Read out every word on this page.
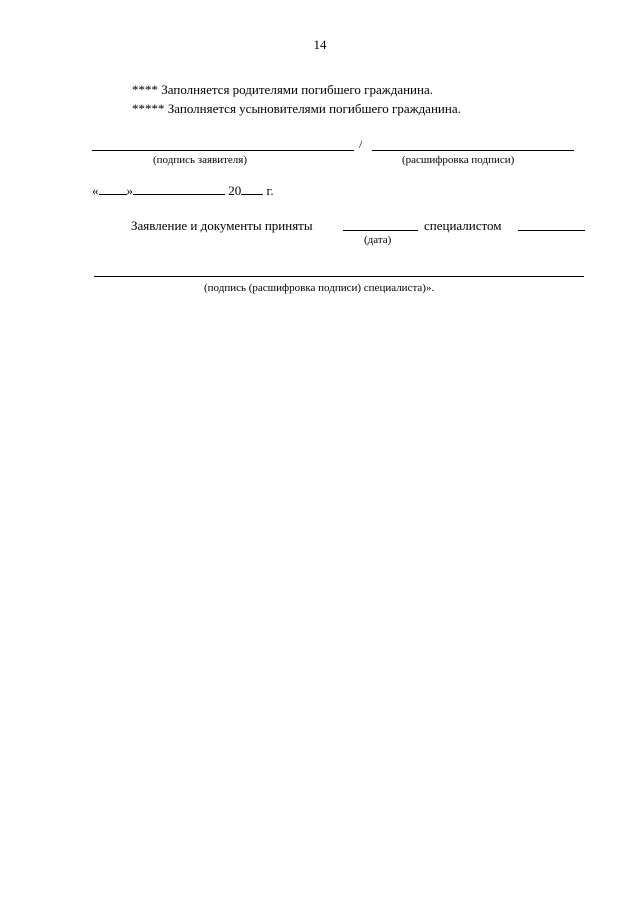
14
**** Заполняется родителями погибшего гражданина.
***** Заполняется усыновителями погибшего гражданина.
/
(подпись заявителя)	(расшифровка подписи)
« »	20 г.
Заявление и документы приняты	специалистом
(дата)
(подпись (расшифровка подписи) специалиста)».
